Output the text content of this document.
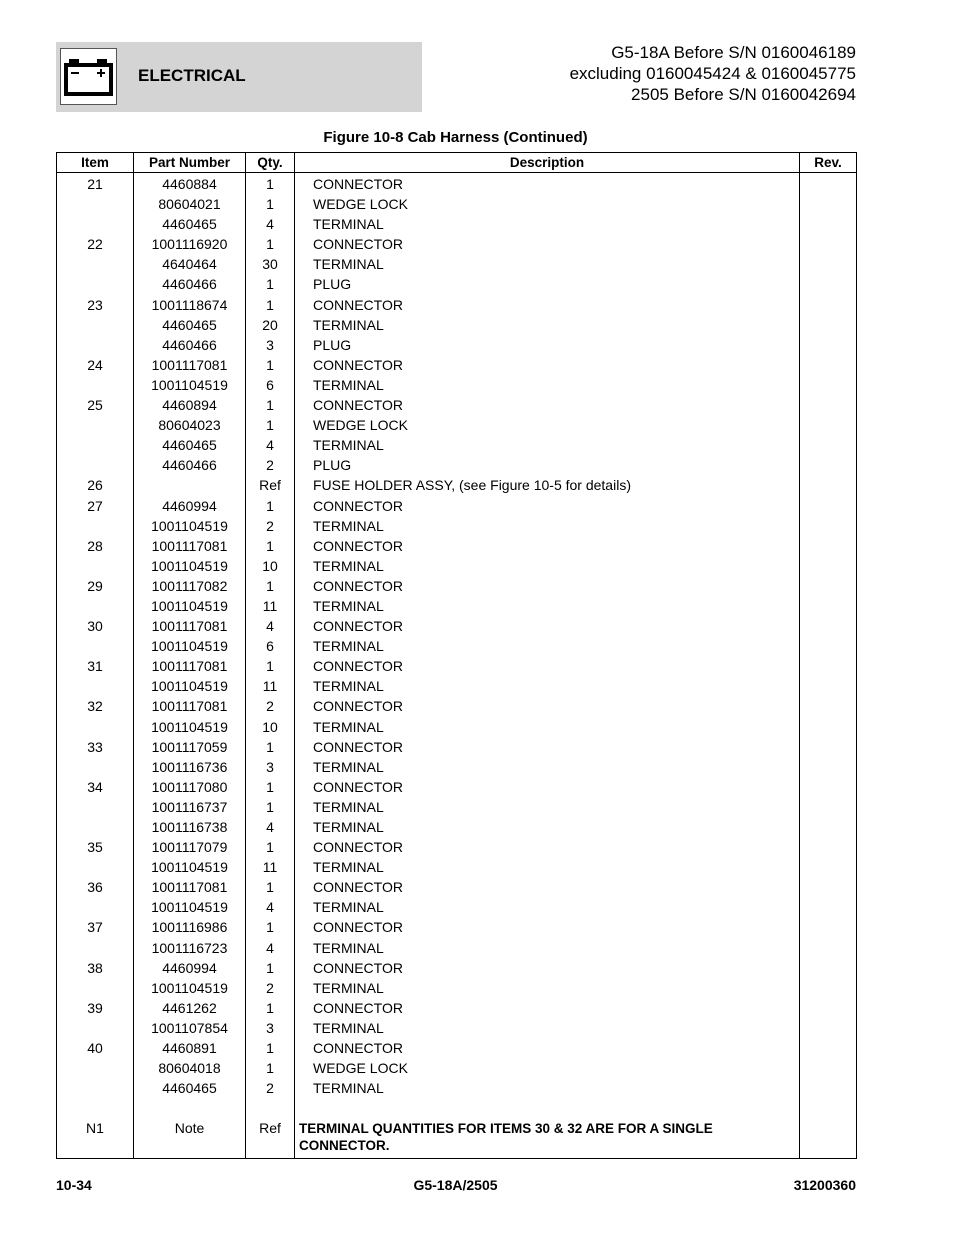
ELECTRICAL
G5-18A Before S/N 0160046189
excluding 0160045424 & 0160045775
2505 Before S/N 0160042694
Figure 10-8 Cab Harness (Continued)
Item	Part Number	Qty.	Description	Rev.
21	4460884	1	CONNECTOR	
	80604021	1	WEDGE LOCK	
	4460465	4	TERMINAL	
22	1001116920	1	CONNECTOR	
	4640464	30	TERMINAL	
	4460466	1	PLUG	
23	1001118674	1	CONNECTOR	
	4460465	20	TERMINAL	
	4460466	3	PLUG	
24	1001117081	1	CONNECTOR	
	1001104519	6	TERMINAL	
25	4460894	1	CONNECTOR	
	80604023	1	WEDGE LOCK	
	4460465	4	TERMINAL	
	4460466	2	PLUG	
26		Ref	FUSE HOLDER ASSY, (see Figure 10-5 for details)	
27	4460994	1	CONNECTOR	
	1001104519	2	TERMINAL	
28	1001117081	1	CONNECTOR	
	1001104519	10	TERMINAL	
29	1001117082	1	CONNECTOR	
	1001104519	11	TERMINAL	
30	1001117081	4	CONNECTOR	
	1001104519	6	TERMINAL	
31	1001117081	1	CONNECTOR	
	1001104519	11	TERMINAL	
32	1001117081	2	CONNECTOR	
	1001104519	10	TERMINAL	
33	1001117059	1	CONNECTOR	
	1001116736	3	TERMINAL	
34	1001117080	1	CONNECTOR	
	1001116737	1	TERMINAL	
	1001116738	4	TERMINAL	
35	1001117079	1	CONNECTOR	
	1001104519	11	TERMINAL	
36	1001117081	1	CONNECTOR	
	1001104519	4	TERMINAL	
37	1001116986	1	CONNECTOR	
	1001116723	4	TERMINAL	
38	4460994	1	CONNECTOR	
	1001104519	2	TERMINAL	
39	4461262	1	CONNECTOR	
	1001107854	3	TERMINAL	
40	4460891	1	CONNECTOR	
	80604018	1	WEDGE LOCK	
	4460465	2	TERMINAL	

N1	Note	Ref	TERMINAL QUANTITIES FOR ITEMS 30 & 32 ARE FOR A SINGLE CONNECTOR.	
10-34	G5-18A/2505	31200360
